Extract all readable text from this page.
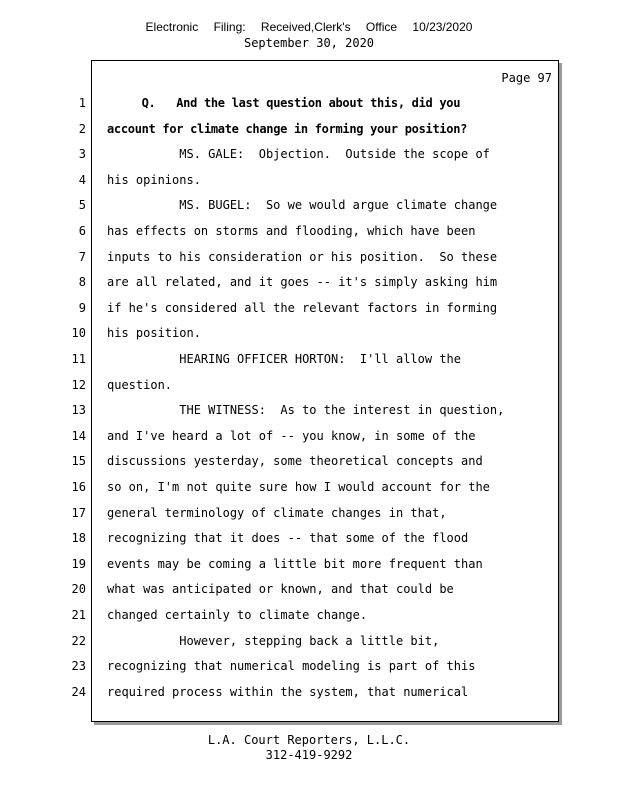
Electronic Filing: Received,Clerk's Office 10/23/2020
September 30, 2020
Page 97
1 Q.   And the last question about this, did you
2 account for climate change in forming your position?
3 MS. GALE:  Objection.  Outside the scope of
4 his opinions.
5 MS. BUGEL:  So we would argue climate change
6 has effects on storms and flooding, which have been
7 inputs to his consideration or his position.  So these
8 are all related, and it goes -- it's simply asking him
9 if he's considered all the relevant factors in forming
10 his position.
11 HEARING OFFICER HORTON:  I'll allow the
12 question.
13 THE WITNESS:  As to the interest in question,
14 and I've heard a lot of -- you know, in some of the
15 discussions yesterday, some theoretical concepts and
16 so on, I'm not quite sure how I would account for the
17 general terminology of climate changes in that,
18 recognizing that it does -- that some of the flood
19 events may be coming a little bit more frequent than
20 what was anticipated or known, and that could be
21 changed certainly to climate change.
22 However, stepping back a little bit,
23 recognizing that numerical modeling is part of this
24 required process within the system, that numerical
L.A. Court Reporters, L.L.C.
312-419-9292
